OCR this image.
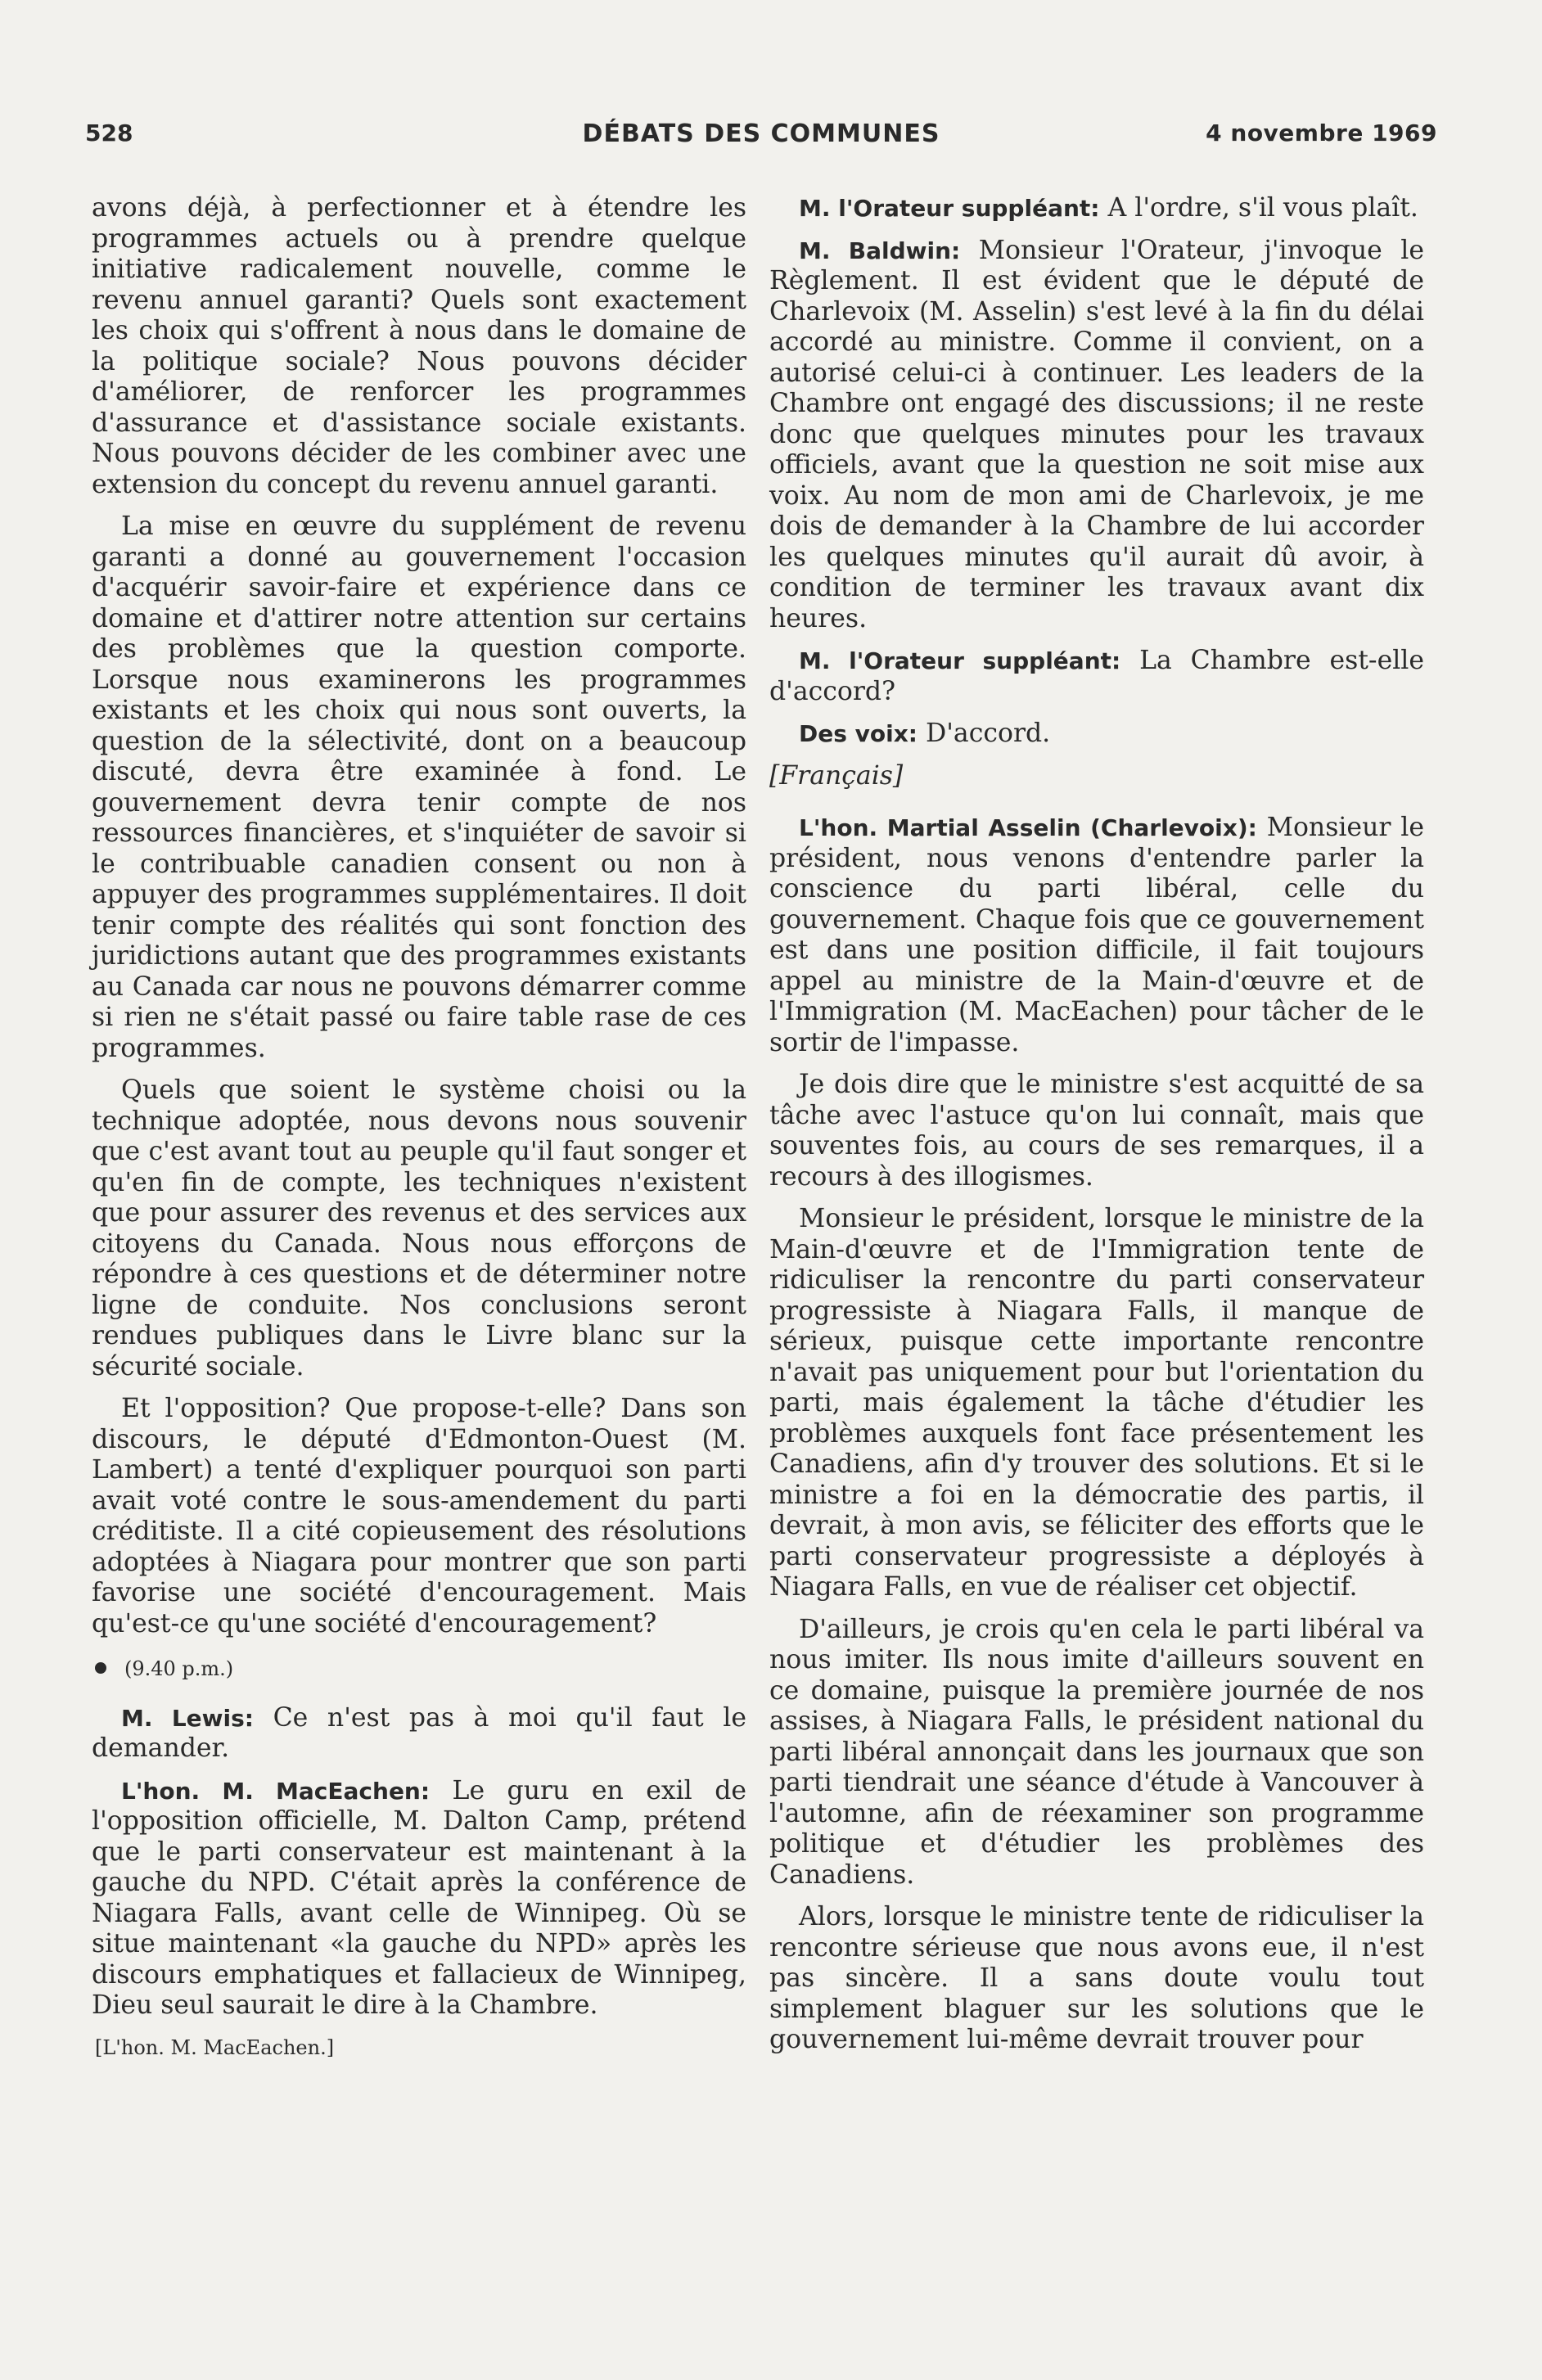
528	DÉBATS DES COMMUNES	4 novembre 1969

avons déjà, à perfectionner et à étendre les programmes actuels ou à prendre quelque initiative radicalement nouvelle, comme le revenu annuel garanti? Quels sont exactement les choix qui s'offrent à nous dans le domaine de la politique sociale? Nous pouvons décider d'améliorer, de renforcer les programmes d'assurance et d'assistance sociale existants. Nous pouvons décider de les combiner avec une extension du concept du revenu annuel garanti.

La mise en œuvre du supplément de revenu garanti a donné au gouvernement l'occasion d'acquérir savoir-faire et expérience dans ce domaine et d'attirer notre attention sur certains des problèmes que la question comporte. Lorsque nous examinerons les programmes existants et les choix qui nous sont ouverts, la question de la sélectivité, dont on a beaucoup discuté, devra être examinée à fond. Le gouvernement devra tenir compte de nos ressources financières, et s'inquiéter de savoir si le contribuable canadien consent ou non à appuyer des programmes supplémentaires. Il doit tenir compte des réalités qui sont fonction des juridictions autant que des programmes existants au Canada car nous ne pouvons démarrer comme si rien ne s'était passé ou faire table rase de ces programmes.

Quels que soient le système choisi ou la technique adoptée, nous devons nous souvenir que c'est avant tout au peuple qu'il faut songer et qu'en fin de compte, les techniques n'existent que pour assurer des revenus et des services aux citoyens du Canada. Nous nous efforçons de répondre à ces questions et de déterminer notre ligne de conduite. Nos conclusions seront rendues publiques dans le Livre blanc sur la sécurité sociale.

Et l'opposition? Que propose-t-elle? Dans son discours, le député d'Edmonton-Ouest (M. Lambert) a tenté d'expliquer pourquoi son parti avait voté contre le sous-amendement du parti créditiste. Il a cité copieusement des résolutions adoptées à Niagara pour montrer que son parti favorise une société d'encouragement. Mais qu'est-ce qu'une société d'encouragement?

(9.40 p.m.)

M. Lewis: Ce n'est pas à moi qu'il faut le demander.

L'hon. M. MacEachen: Le guru en exil de l'opposition officielle, M. Dalton Camp, prétend que le parti conservateur est maintenant à la gauche du NPD. C'était après la conférence de Niagara Falls, avant celle de Winnipeg. Où se situe maintenant «la gauche du NPD» après les discours emphatiques et fallacieux de Winnipeg, Dieu seul saurait le dire à la Chambre.

[L'hon. M. MacEachen.]

M. l'Orateur suppléant: A l'ordre, s'il vous plaît.

M. Baldwin: Monsieur l'Orateur, j'invoque le Règlement. Il est évident que le député de Charlevoix (M. Asselin) s'est levé à la fin du délai accordé au ministre. Comme il convient, on a autorisé celui-ci à continuer. Les leaders de la Chambre ont engagé des discussions; il ne reste donc que quelques minutes pour les travaux officiels, avant que la question ne soit mise aux voix. Au nom de mon ami de Charlevoix, je me dois de demander à la Chambre de lui accorder les quelques minutes qu'il aurait dû avoir, à condition de terminer les travaux avant dix heures.

M. l'Orateur suppléant: La Chambre est-elle d'accord?

Des voix: D'accord.

[Français]

L'hon. Martial Asselin (Charlevoix): Monsieur le président, nous venons d'entendre parler la conscience du parti libéral, celle du gouvernement. Chaque fois que ce gouvernement est dans une position difficile, il fait toujours appel au ministre de la Main-d'œuvre et de l'Immigration (M. MacEachen) pour tâcher de le sortir de l'impasse.

Je dois dire que le ministre s'est acquitté de sa tâche avec l'astuce qu'on lui connaît, mais que souventes fois, au cours de ses remarques, il a recours à des illogismes.

Monsieur le président, lorsque le ministre de la Main-d'œuvre et de l'Immigration tente de ridiculiser la rencontre du parti conservateur progressiste à Niagara Falls, il manque de sérieux, puisque cette importante rencontre n'avait pas uniquement pour but l'orientation du parti, mais également la tâche d'étudier les problèmes auxquels font face présentement les Canadiens, afin d'y trouver des solutions. Et si le ministre a foi en la démocratie des partis, il devrait, à mon avis, se féliciter des efforts que le parti conservateur progressiste a déployés à Niagara Falls, en vue de réaliser cet objectif.

D'ailleurs, je crois qu'en cela le parti libéral va nous imiter. Ils nous imite d'ailleurs souvent en ce domaine, puisque la première journée de nos assises, à Niagara Falls, le président national du parti libéral annonçait dans les journaux que son parti tiendrait une séance d'étude à Vancouver à l'automne, afin de réexaminer son programme politique et d'étudier les problèmes des Canadiens.

Alors, lorsque le ministre tente de ridiculiser la rencontre sérieuse que nous avons eue, il n'est pas sincère. Il a sans doute voulu tout simplement blaguer sur les solutions que le gouvernement lui-même devrait trouver pour
